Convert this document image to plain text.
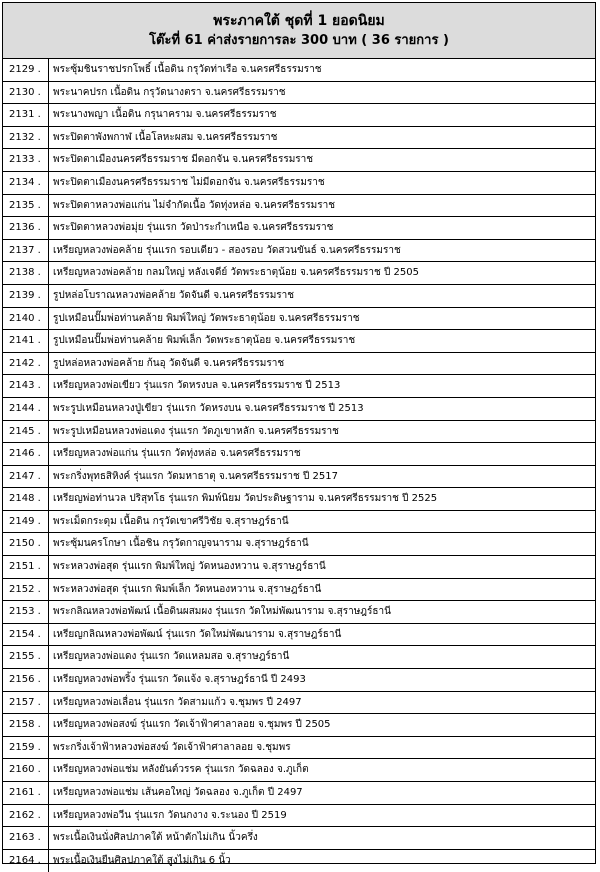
พระภาคใต้ ชุดที่ 1 ยอดนิยม
โต๊ะที่ 61 ค่าส่งรายการละ 300 บาท ( 36 รายการ )
2129 .	พระซุ้มชินราชปรกโพธิ์ เนื้อดิน กรุวัดท่าเรือ จ.นครศรีธรรมราช
2130 .	พระนาคปรก เนื้อดิน กรุวัดนางตรา จ.นครศรีธรรมราช
2131 .	พระนางพญา เนื้อดิน กรุนาคราม จ.นครศรีธรรมราช
2132 .	พระปิดตาพังพกาฬ เนื้อโลหะผสม จ.นครศรีธรรมราช
2133 .	พระปิดตาเมืองนครศรีธรรมราช มีดอกจัน จ.นครศรีธรรมราช
2134 .	พระปิดตาเมืองนครศรีธรรมราช ไม่มีดอกจัน จ.นครศรีธรรมราช
2135 .	พระปิดตาหลวงพ่อแก่น ไม่จำกัดเนื้อ วัดทุ่งหล่อ จ.นครศรีธรรมราช
2136 .	พระปิดตาหลวงพ่อมุ่ย รุ่นแรก วัดป่าระกำเหนือ จ.นครศรีธรรมราช
2137 .	เหรียญหลวงพ่อคล้าย รุ่นแรก รอบเดียว - สองรอบ วัดสวนขันธ์ จ.นครศรีธรรมราช
2138 .	เหรียญหลวงพ่อคล้าย กลมใหญ่ หลังเจดีย์ วัดพระธาตุน้อย จ.นครศรีธรรมราช ปี 2505
2139 .	รูปหล่อโบราณหลวงพ่อคล้าย วัดจันดี จ.นครศรีธรรมราช
2140 .	รูปเหมือนปั๊มพ่อท่านคล้าย พิมพ์ใหญ่ วัดพระธาตุน้อย จ.นครศรีธรรมราช
2141 .	รูปเหมือนปั๊มพ่อท่านคล้าย พิมพ์เล็ก วัดพระธาตุน้อย จ.นครศรีธรรมราช
2142 .	รูปหล่อหลวงพ่อคล้าย ก้นอุ วัดจันดี จ.นครศรีธรรมราช
2143 .	เหรียญหลวงพ่อเขียว รุ่นแรก วัดหรงบล จ.นครศรีธรรมราช ปี 2513
2144 .	พระรูปเหมือนหลวงปู่เขียว รุ่นแรก วัดหรงบน จ.นครศรีธรรมราช ปี 2513
2145 .	พระรูปเหมือนหลวงพ่อแดง รุ่นแรก วัดภูเขาหลัก จ.นครศรีธรรมราช
2146 .	เหรียญหลวงพ่อแก่น รุ่นแรก วัดทุ่งหล่อ จ.นครศรีธรรมราช
2147 .	พระกริ่งพุทธสิหิงค์ รุ่นแรก วัดมหาธาตุ จ.นครศรีธรรมราช ปี 2517
2148 .	เหรียญพ่อท่านวล ปริสุทโธ รุ่นแรก พิมพ์นิยม วัดประดิษฐาราม จ.นครศรีธรรมราช ปี 2525
2149 .	พระเม็ดกระดุม เนื้อดิน กรุวัดเขาศรีวิชัย จ.สุราษฎร์ธานี
2150 .	พระซุ้มนครโกษา เนื้อชิน กรุวัดกาญจนาราม จ.สุราษฎร์ธานี
2151 .	พระหลวงพ่อสุด รุ่นแรก พิมพ์ใหญ่ วัดหนองหวาน จ.สุราษฎร์ธานี
2152 .	พระหลวงพ่อสุด รุ่นแรก พิมพ์เล็ก วัดหนองหวาน จ.สุราษฎร์ธานี
2153 .	พระกลิณหลวงพ่อพัฒน์ เนื้อดินผสมผง รุ่นแรก วัดใหม่พัฒนาราม จ.สุราษฎร์ธานี
2154 .	เหรียญกลิณหลวงพ่อพัฒน์ รุ่นแรก วัดใหม่พัฒนาราม จ.สุราษฎร์ธานี
2155 .	เหรียญหลวงพ่อแดง รุ่นแรก วัดแหลมสอ จ.สุราษฎร์ธานี
2156 .	เหรียญหลวงพ่อพริ้ง รุ่นแรก วัดแจ้ง จ.สุราษฎร์ธานี ปี 2493
2157 .	เหรียญหลวงพ่อเลื่อน รุ่นแรก วัดสามแก้ว จ.ชุมพร ปี 2497
2158 .	เหรียญหลวงพ่อสงฆ์ รุ่นแรก วัดเจ้าฟ้าศาลาลอย จ.ชุมพร ปี 2505
2159 .	พระกริ่งเจ้าฟ้าหลวงพ่อสงฆ์ วัดเจ้าฟ้าศาลาลอย จ.ชุมพร
2160 .	เหรียญหลวงพ่อแช่ม หลังยันต์วรรค รุ่นแรก วัดฉลอง จ.ภูเก็ต
2161 .	เหรียญหลวงพ่อแช่ม เส้นคอใหญ่ วัดฉลอง จ.ภูเก็ต ปี 2497
2162 .	เหรียญหลวงพ่อวีน รุ่นแรก วัดนกงาง จ.ระนอง ปี 2519
2163 .	พระเนื้อเงินนั่งศิลปภาคใต้ หน้าตักไม่เกิน นิ้วครึ่ง
2164 .	พระเนื้อเงินยืนศิลปภาคใต้ สูงไม่เกิน 6 นิ้ว
